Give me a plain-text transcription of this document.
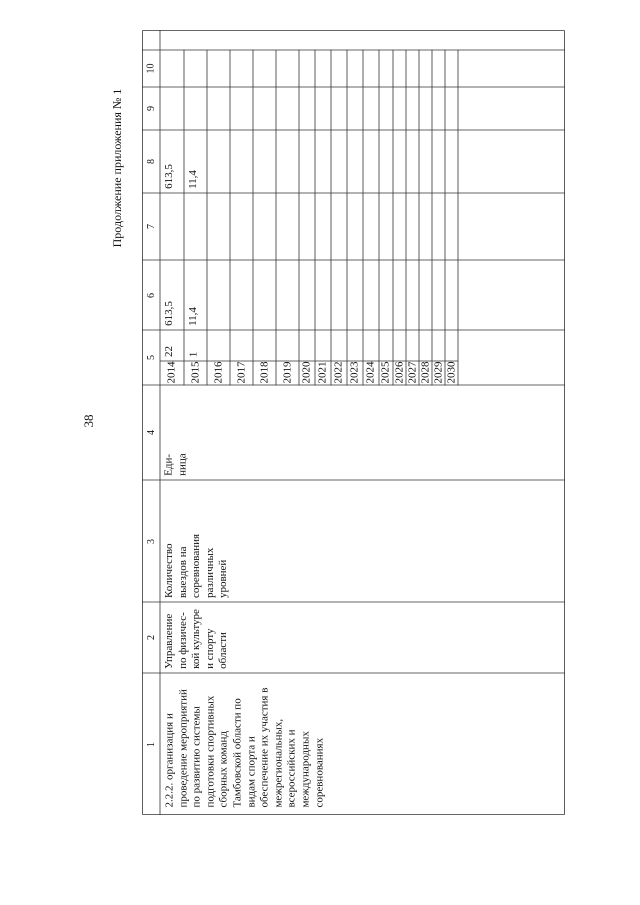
38
Продолжение приложения № 1
1
2
3
4
5
6
7
8
9
10
2.2.2. организация и проведение мероприятий по развитию системы подготовки спортивных сборных команд Тамбовской области по видам спорта и обеспечение их участия в межрегиональных, всероссийских и международных соревнованиях
Управление по физичес- кой культуре и спорту области
Количество выездов на соревнования различных уровней
Еди- ница
2014
22
613,5
613,5
2015
1
11,4
11,4
2016 2017 2018 2019 2020 2021 2022 2023 2024 2025 2026 2027 2028 2029 2030
